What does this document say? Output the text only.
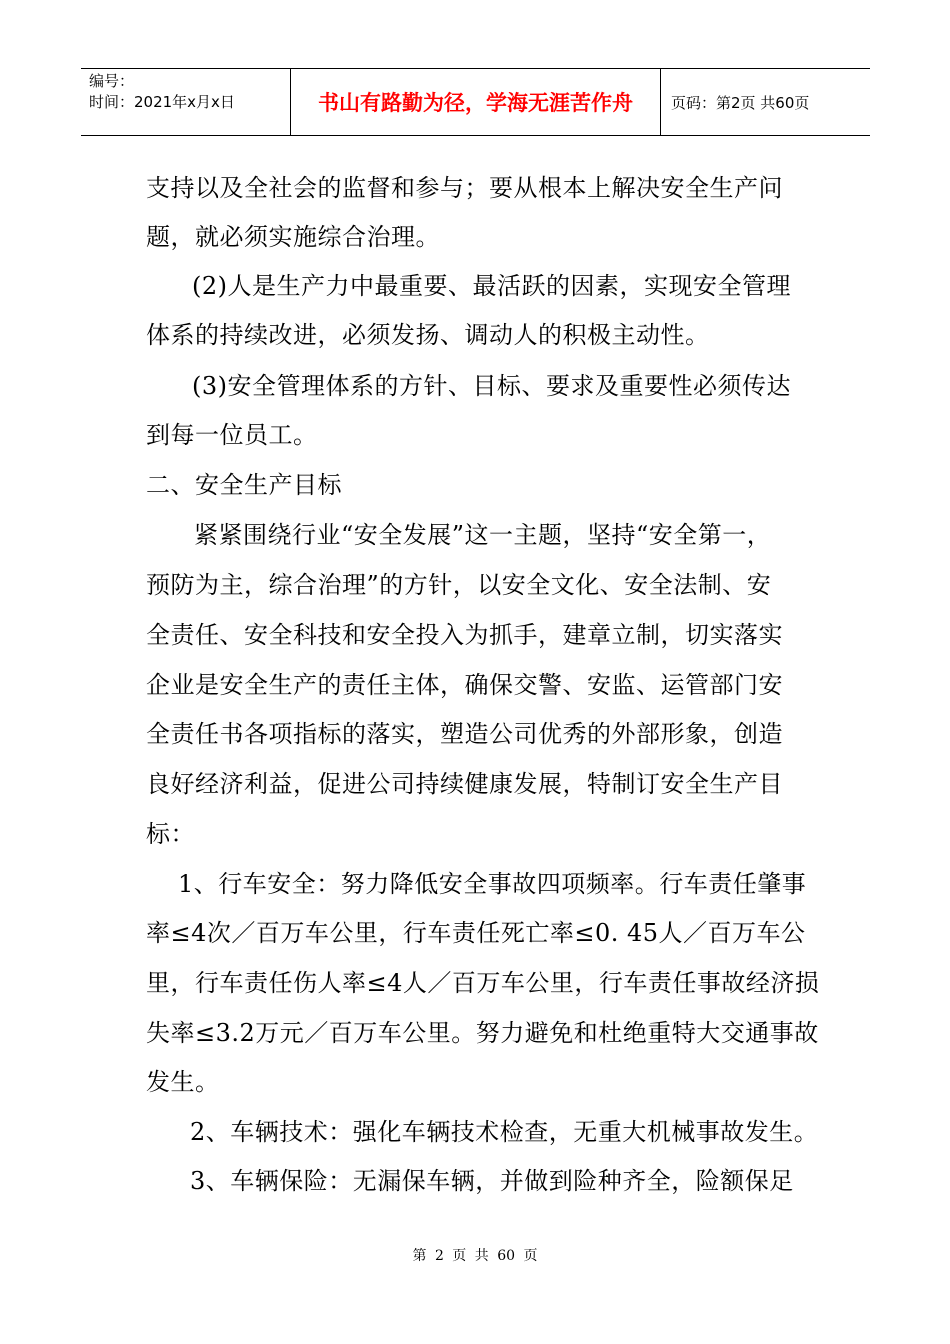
编号：
时间：2021年x月x日	书山有路勤为径，学海无涯苦作舟	页码：第2页 共60页
支持以及全社会的监督和参与；要从根本上解决安全生产问
题，就必须实施综合治理。
(2)人是生产力中最重要、最活跃的因素，实现安全管理
体系的持续改进，必须发扬、调动人的积极主动性。
(3)安全管理体系的方针、目标、要求及重要性必须传达
到每一位员工。
二、安全生产目标
紧紧围绕行业“安全发展”这一主题，坚持“安全第一，
预防为主，综合治理”的方针，以安全文化、安全法制、安
全责任、安全科技和安全投入为抓手，建章立制，切实落实
企业是安全生产的责任主体，确保交警、安监、运管部门安
全责任书各项指标的落实，塑造公司优秀的外部形象，创造
良好经济利益，促进公司持续健康发展，特制订安全生产目
标：
1、行车安全：努力降低安全事故四项频率。行车责任肇事
率≤4次／百万车公里，行车责任死亡率≤0. 45人／百万车公
里，行车责任伤人率≤4人／百万车公里，行车责任事故经济损
失率≤3.2万元／百万车公里。努力避免和杜绝重特大交通事故
发生。
2、车辆技术：强化车辆技术检查，无重大机械事故发生。
3、车辆保险：无漏保车辆，并做到险种齐全，险额保足
第 2 页 共 60 页
